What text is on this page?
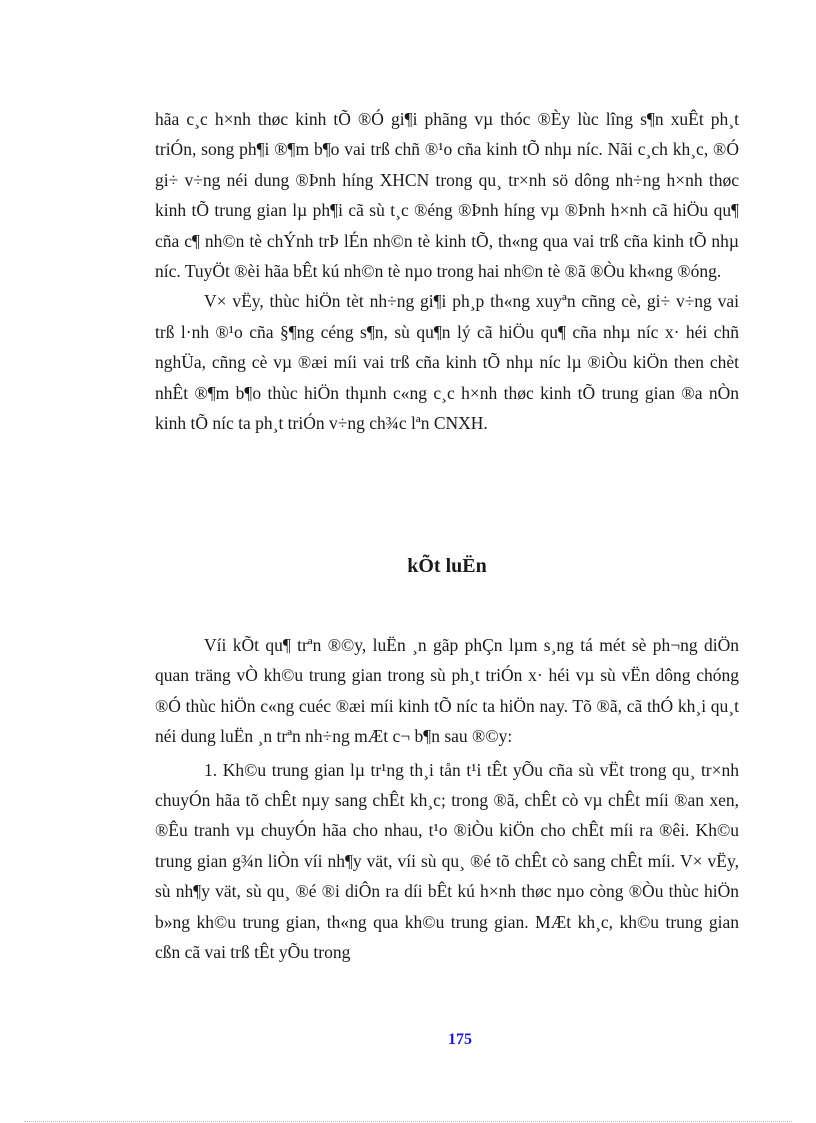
hãa c¸c h×nh thøc kinh tÕ ®Ó gi¶i phãng vµ thóc ®Èy lùc lîng s¶n xuÊt ph¸t triÓn, song ph¶i ®¶m b¶o vai trß chñ ®¹o cña kinh tÕ nhµ níc. Nãi c¸ch kh¸c, ®Ó gi÷ v÷ng néi dung ®Þnh híng XHCN trong qu¸ tr×nh sö dông nh÷ng h×nh thøc kinh tÕ trung gian lµ ph¶i cã sù t¸c ®éng ®Þnh híng vµ ®Þnh h×nh cã hiÖu qu¶ cña c¶ nh©n tè chÝnh trÞ lÉn nh©n tè kinh tÕ, th«ng qua vai trß cña kinh tÕ nhµ níc. TuyÖt ®èi hãa bÊt kú nh©n tè nµo trong hai nh©n tè ®ã ®Òu kh«ng ®óng.

V× vËy, thùc hiÖn tèt nh÷ng gi¶i ph¸p th«ng xuyªn cñng cè, gi÷ v÷ng vai trß l·nh ®¹o cña §¶ng céng s¶n, sù qu¶n lý cã hiÖu qu¶ cña nhµ níc x· héi chñ nghÜa, cñng cè vµ ®æi míi vai trß cña kinh tÕ nhµ níc lµ ®iÒu kiÖn then chèt nhÊt ®¶m b¶o thùc hiÖn thµnh c«ng c¸c h×nh thøc kinh tÕ trung gian ®a nÒn kinh tÕ níc ta ph¸t triÓn v÷ng ch¾c lªn CNXH.

kÕt luËn

Víi kÕt qu¶ trªn ®©y, luËn ¸n gãp phÇn lµm s¸ng tá mét sè ph¬ng diÖn quan träng vÒ kh©u trung gian trong sù ph¸t triÓn x· héi vµ sù vËn dông chóng ®Ó thùc hiÖn c«ng cuéc ®æi míi kinh tÕ níc ta hiÖn nay. Tõ ®ã, cã thÓ kh¸i qu¸t néi dung luËn ¸n trªn nh÷ng mÆt c¬ b¶n sau ®©y:

1. Kh©u trung gian lµ tr¹ng th¸i tån t¹i tÊt yÕu cña sù vËt trong qu¸ tr×nh chuyÓn hãa tõ chÊt nµy sang chÊt kh¸c; trong ®ã, chÊt cò vµ chÊt míi ®an xen, ®Êu tranh vµ chuyÓn hãa cho nhau, t¹o ®iÒu kiÖn cho chÊt míi ra ®êi. Kh©u trung gian g¾n liÒn víi nh¶y vät, víi sù qu¸ ®é tõ chÊt cò sang chÊt míi. V× vËy, sù nh¶y vät, sù qu¸ ®é ®i diÔn ra díi bÊt kú h×nh thøc nµo còng ®Òu thùc hiÖn b»ng kh©u trung gian, th«ng qua kh©u trung gian. MÆt kh¸c, kh©u trung gian cßn cã vai trß tÊt yÕu trong

175
